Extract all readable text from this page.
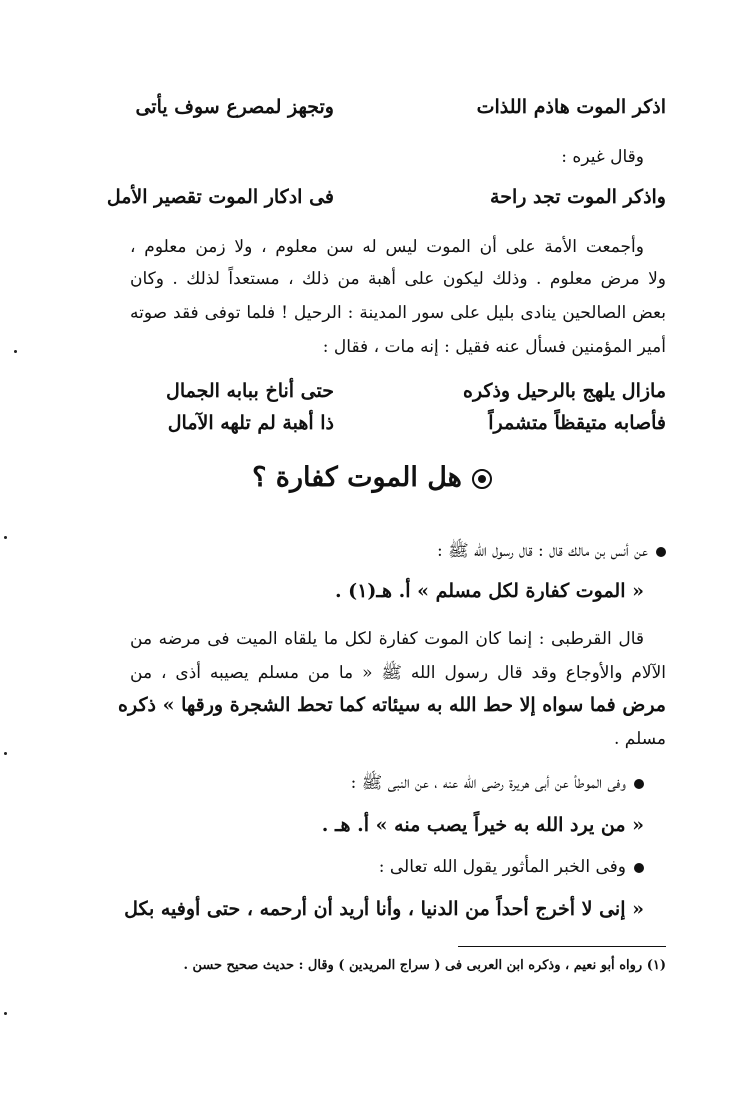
اذكر الموت هاذم اللذات
وتجهز لمصرع سوف يأتى
وقال غيره :
واذكر الموت تجد راحة
فى ادكار الموت تقصير الأمل
وأجمعت الأمة على أن الموت ليس له سن معلوم ، ولا زمن معلوم ،
ولا مرض معلوم . وذلك ليكون على أهبة من ذلك ، مستعداً لذلك . وكان
بعض الصالحين ينادى بليل على سور المدينة : الرحيل ! فلما توفى فقد صوته
أمير المؤمنين فسأل عنه فقيل : إنه مات ، فقال :
مازال يلهج بالرحيل وذكره
حتى أناخ ببابه الجمال
فأصابه متيقظاً متشمراً
ذا أهبة لم تلهه الآمال
هل الموت كفارة ؟
عن أنس بن مالك قال : قال رسول الله ﷺ :
« الموت كفارة لكل مسلم » أ. هـ(١) .
قال القرطبى : إنما كان الموت كفارة لكل ما يلقاه الميت فى مرضه من
الآلام والأوجاع وقد قال رسول الله ﷺ « ما من مسلم يصيبه أذى ، من
مرض فما سواه إلا حط الله به سيئاته كما تحط الشجرة ورقها » ذكره
مسلم .
وفى الموطأ عن أبى هريرة رضى الله عنه ، عن النبى ﷺ :
« من يرد الله به خيراً يصب منه » أ. هـ .
وفى الخبر المأثور يقول الله تعالى :
« إنى لا أخرج أحداً من الدنيا ، وأنا أريد أن أرحمه ، حتى أوفيه بكل
(١) رواه أبو نعيم ، وذكره ابن العربى فى ( سراج المريدين ) وقال : حديث صحيح حسن .
